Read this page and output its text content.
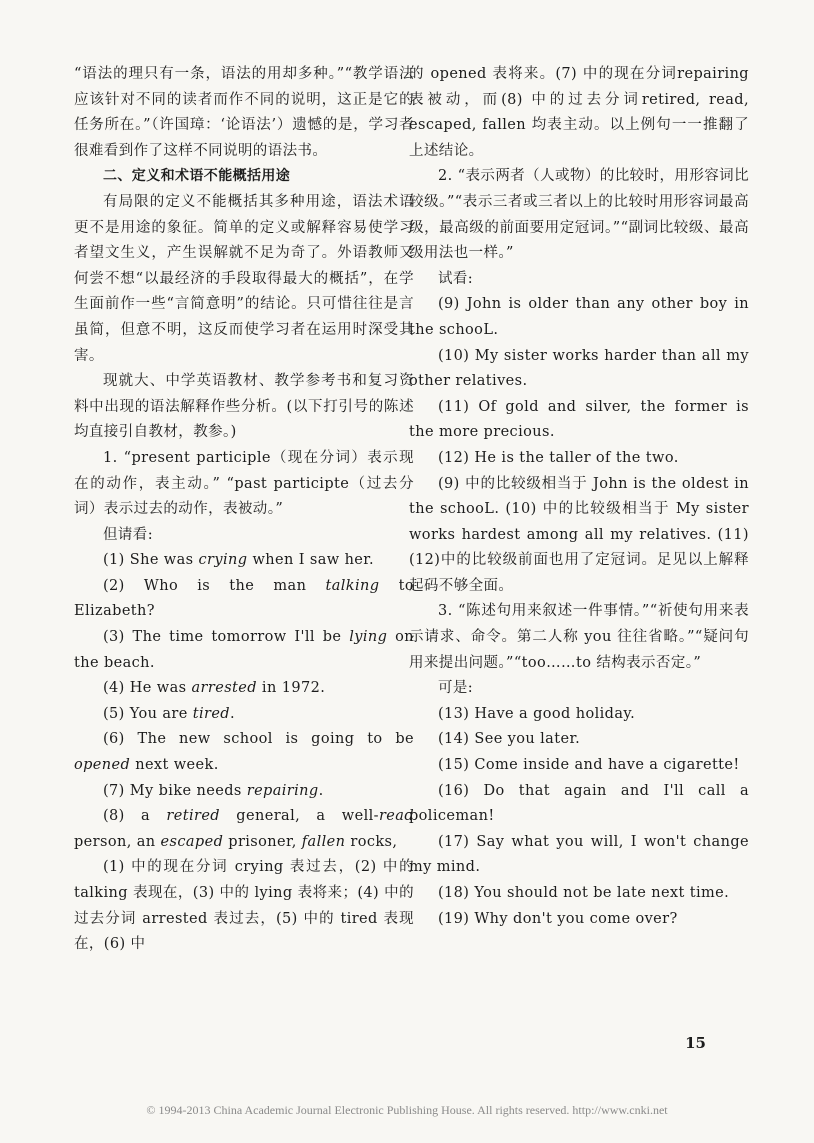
“语法的理只有一条，语法的用却多种。”“教学语法应该针对不同的读者而作不同的说明，这正是它的任务所在。”（许国璋：‘论语法’）遗憾的是，学习者很难看到作了这样不同说明的语法书。

二、定义和术语不能概括用途

有局限的定义不能概括其多种用途，语法术语更不是用途的象征。简单的定义或解释容易使学习者望文生义，产生误解就不足为奇了。外语教师又何尝不想“以最经济的手段取得最大的概括”，在学生面前作一些“言简意明”的结论。只可惜往往是言虽简，但意不明，这反而使学习者在运用时深受其害。

现就大、中学英语教材、教学参考书和复习资料中出现的语法解释作些分析。(以下打引号的陈述均直接引自教材，教参。)

1. “present participle（现在分词）表示现在的动作，表主动。” “past participte（过去分词）表示过去的动作，表被动。”

但请看:

(1) She was crying when I saw her.

(2) Who is the man talking to Elizabeth?

(3) The time tomorrow I'll be lying on the beach.

(4) He was arrested in 1972.

(5) You are tired.

(6) The new school is going to be opened next week.

(7) My bike needs repairing.

(8) a retired general, a well-read person, an escaped prisoner, fallen rocks,

(1) 中的现在分词 crying 表过去，(2) 中的 talking 表现在，(3) 中的 lying 表将来；(4) 中的过去分词 arrested 表过去，(5) 中的 tired 表现在，(6) 中

的 opened 表将来。(7) 中的现在分词repairing 表被动，而(8) 中的过去分词retired, read, escaped, fallen 均表主动。以上例句一一推翻了上述结论。

2. “表示两者（人或物）的比较时，用形容词比较级。”“表示三者或三者以上的比较时用形容词最高级，最高级的前面要用定冠词。”“副词比较级、最高级用法也一样。”

试看:

(9) John is older than any other boy in the schooL.

(10) My sister works harder than all my other relatives.

(11) Of gold and silver, the former is the more precious.

(12) He is the taller of the two.

(9) 中的比较级相当于 John is the oldest in the schooL. (10) 中的比较级相当于 My sister works hardest among all my relatives. (11)(12)中的比较级前面也用了定冠词。足见以上解释起码不够全面。

3. “陈述句用来叙述一件事情。”“祈使句用来表示请求、命令。第二人称 you 往往省略。”“疑问句用来提出问题。”“too……to 结构表示否定。”

可是:

(13) Have a good holiday.

(14) See you later.

(15) Come inside and have a cigarette!

(16) Do that again and I'll call a policeman!

(17) Say what you will, I won't change my mind.

(18) You should not be late next time.

(19) Why don't you come over?

15
© 1994-2013 China Academic Journal Electronic Publishing House. All rights reserved. http://www.cnki.net
